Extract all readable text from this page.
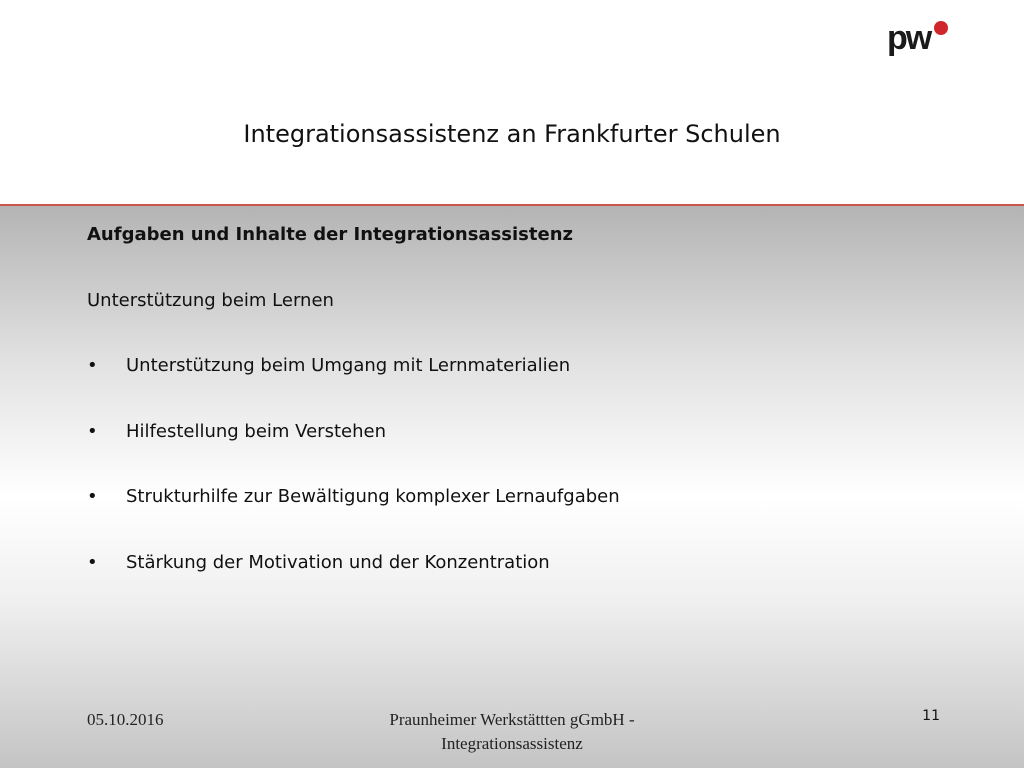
pw
Integrationsassistenz an Frankfurter Schulen

Aufgaben und Inhalte der Integrationsassistenz

Unterstützung beim Lernen

•	Unterstützung beim Umgang mit Lernmaterialien
•	Hilfestellung beim Verstehen
•	Strukturhilfe zur Bewältigung komplexer Lernaufgaben
•	Stärkung der Motivation und der Konzentration
05.10.2016	Praunheimer Werkstättten gGmbH -
Integrationsassistenz
11
